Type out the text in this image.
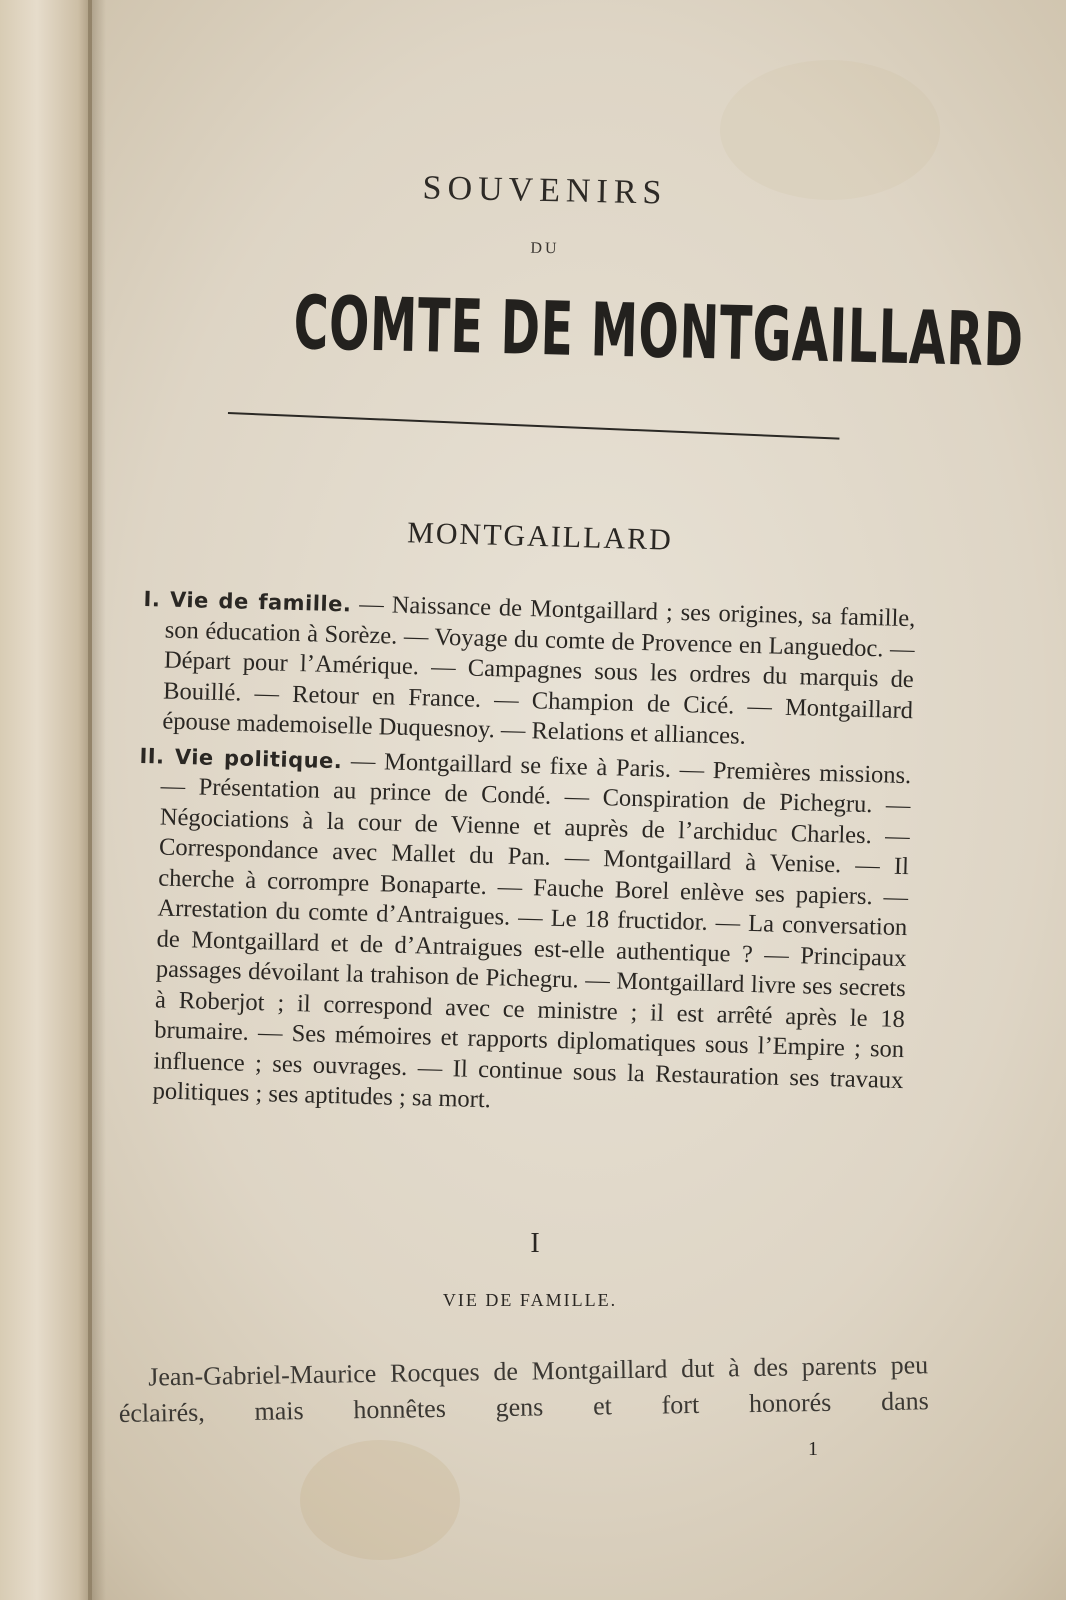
SOUVENIRS
DU
COMTE DE MONTGAILLARD
MONTGAILLARD

I. Vie de famille. — Naissance de Montgaillard ; ses origines, sa famille, son éducation à Sorèze. — Voyage du comte de Provence en Languedoc. — Départ pour l’Amérique. — Campagnes sous les ordres du marquis de Bouillé. — Retour en France. — Champion de Cicé. — Montgaillard épouse mademoiselle Duquesnoy. — Relations et alliances.

II. Vie politique. — Montgaillard se fixe à Paris. — Premières missions. — Présentation au prince de Condé. — Conspiration de Pichegru. — Négociations à la cour de Vienne et auprès de l’archiduc Charles. — Correspondance avec Mallet du Pan. — Montgaillard à Venise. — Il cherche à corrompre Bonaparte. — Fauche Borel enlève ses papiers. — Arrestation du comte d’Antraigues. — Le 18 fructidor. — La conversation de Montgaillard et de d’Antraigues est-elle authentique ? — Principaux passages dévoilant la trahison de Pichegru. — Montgaillard livre ses secrets à Roberjot ; il correspond avec ce ministre ; il est arrêté après le 18 brumaire. — Ses mémoires et rapports diplomatiques sous l’Empire ; son influence ; ses ouvrages. — Il continue sous la Restauration ses travaux politiques ; ses aptitudes ; sa mort.

I
VIE DE FAMILLE.

Jean-Gabriel-Maurice Rocques de Montgaillard dut à des parents peu éclairés, mais honnêtes gens et fort honorés dans

1
